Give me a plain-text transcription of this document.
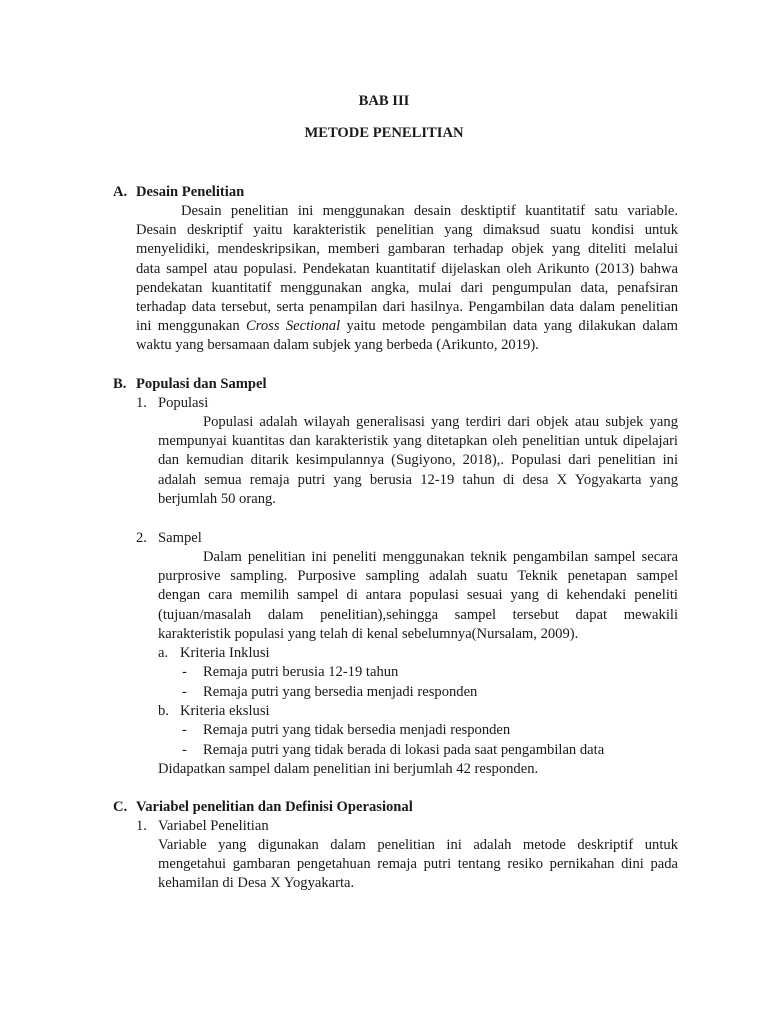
BAB III
METODE PENELITIAN
A. Desain Penelitian
Desain penelitian ini menggunakan desain desktiptif kuantitatif satu variable.
Desain deskriptif yaitu karakteristik penelitian yang dimaksud suatu kondisi untuk
menyelidiki, mendeskripsikan, memberi gambaran terhadap objek yang diteliti melalui
data sampel atau populasi. Pendekatan kuantitatif dijelaskan oleh Arikunto (2013) bahwa
pendekatan kuantitatif menggunakan angka, mulai dari pengumpulan data, penafsiran
terhadap data tersebut, serta penampilan dari hasilnya. Pengambilan data dalam penelitian
ini menggunakan Cross Sectional yaitu metode pengambilan data yang dilakukan dalam
waktu yang bersamaan dalam subjek yang berbeda (Arikunto, 2019).
B. Populasi dan Sampel
1. Populasi
Populasi adalah wilayah generalisasi yang terdiri dari objek atau subjek yang
mempunyai kuantitas dan karakteristik yang ditetapkan oleh penelitian untuk dipelajari
dan kemudian ditarik kesimpulannya (Sugiyono, 2018),. Populasi dari penelitian ini
adalah semua remaja putri yang berusia 12-19 tahun di desa X Yogyakarta yang
berjumlah 50 orang.
2. Sampel
Dalam penelitian ini peneliti menggunakan teknik pengambilan sampel secara
purprosive sampling. Purposive sampling adalah suatu Teknik penetapan sampel
dengan cara memilih sampel di antara populasi sesuai yang di kehendaki peneliti
(tujuan/masalah dalam penelitian),sehingga sampel tersebut dapat mewakili
karakteristik populasi yang telah di kenal sebelumnya(Nursalam, 2009).
a. Kriteria Inklusi
- Remaja putri berusia 12-19 tahun
- Remaja putri yang bersedia menjadi responden
b. Kriteria ekslusi
- Remaja putri yang tidak bersedia menjadi responden
- Remaja putri yang tidak berada di lokasi pada saat pengambilan data
Didapatkan sampel dalam penelitian ini berjumlah 42 responden.
C. Variabel penelitian dan Definisi Operasional
1. Variabel Penelitian
Variable yang digunakan dalam penelitian ini adalah metode deskriptif untuk
mengetahui gambaran pengetahuan remaja putri tentang resiko pernikahan dini pada
kehamilan di Desa X Yogyakarta.
